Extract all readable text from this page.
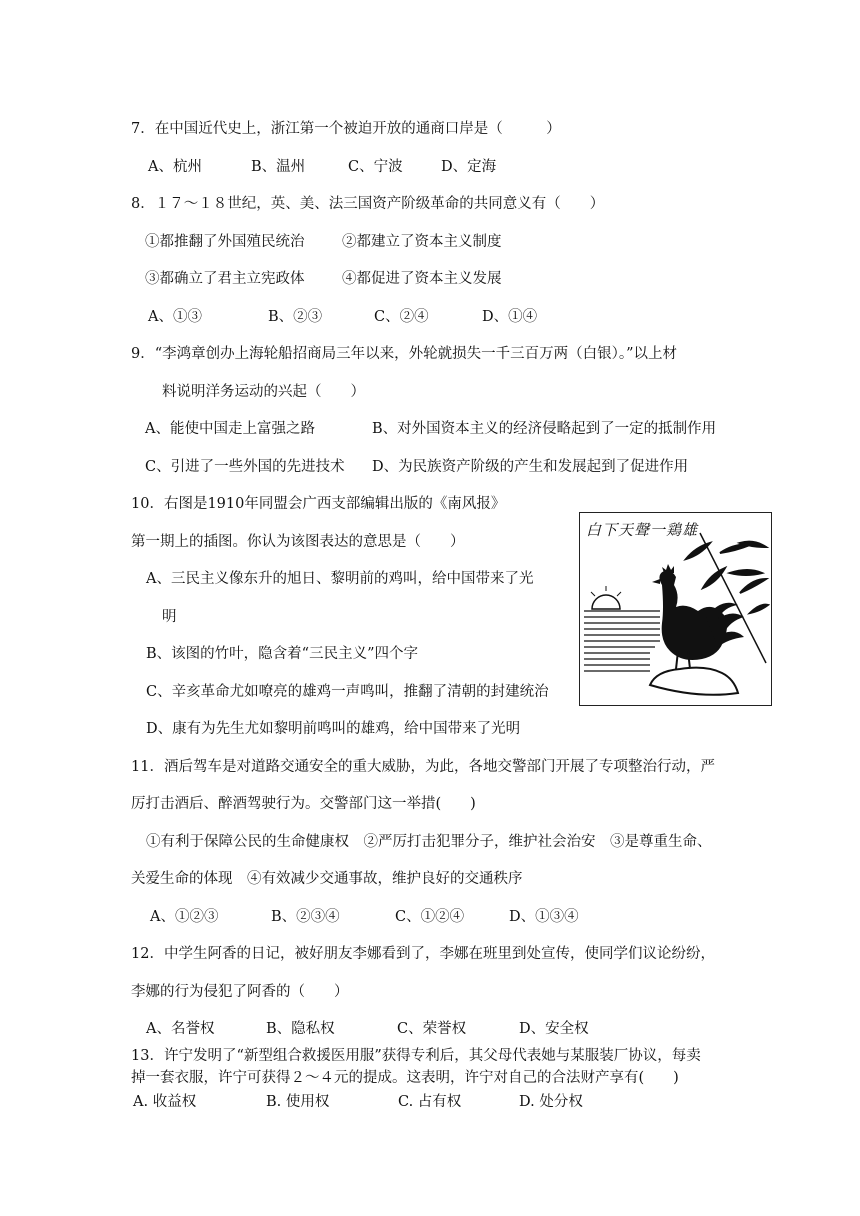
7．在中国近代史上，浙江第一个被迫开放的通商口岸是（　　　）
A、杭州	B、温州	C、宁波	D、定海
8．１７～１８世纪，英、美、法三国资产阶级革命的共同意义有（　　）
①都推翻了外国殖民统治	②都建立了资本主义制度
③都确立了君主立宪政体	④都促进了资本主义发展
A、①③	B、②③	C、②④	D、①④
9．“李鸿章创办上海轮船招商局三年以来，外轮就损失一千三百万两（白银）。”以上材
料说明洋务运动的兴起（　　）
A、能使中国走上富强之路	B、对外国资本主义的经济侵略起到了一定的抵制作用
C、引进了一些外国的先进技术 D、为民族资产阶级的产生和发展起到了促进作用
10．右图是1910年同盟会广西支部编辑出版的《南风报》
第一期上的插图。你认为该图表达的意思是（　　）
A、三民主义像东升的旭日、黎明前的鸡叫，给中国带来了光
明
B、该图的竹叶，隐含着“三民主义”四个字
C、辛亥革命尤如嘹亮的雄鸡一声鸣叫，推翻了清朝的封建统治
D、康有为先生尤如黎明前鸣叫的雄鸡，给中国带来了光明
白下天聲一鶏雄
11．酒后驾车是对道路交通安全的重大威胁，为此，各地交警部门开展了专项整治行动，严
厉打击酒后、醉酒驾驶行为。交警部门这一举措(　　)
①有利于保障公民的生命健康权　②严厉打击犯罪分子，维护社会治安　③是尊重生命、
关爱生命的体现　④有效减少交通事故，维护良好的交通秩序
A、①②③	B、②③④	C、①②④	D、①③④
12．中学生阿香的日记，被好朋友李娜看到了，李娜在班里到处宣传，使同学们议论纷纷，
李娜的行为侵犯了阿香的（　　）
A、名誉权	B、隐私权	C、荣誉权	D、安全权
13．许宁发明了“新型组合救援医用服”获得专利后，其父母代表她与某服装厂协议，每卖
掉一套衣服，许宁可获得２～４元的提成。这表明，许宁对自己的合法财产享有(　　)
A. 收益权	B. 使用权	C. 占有权	D. 处分权
